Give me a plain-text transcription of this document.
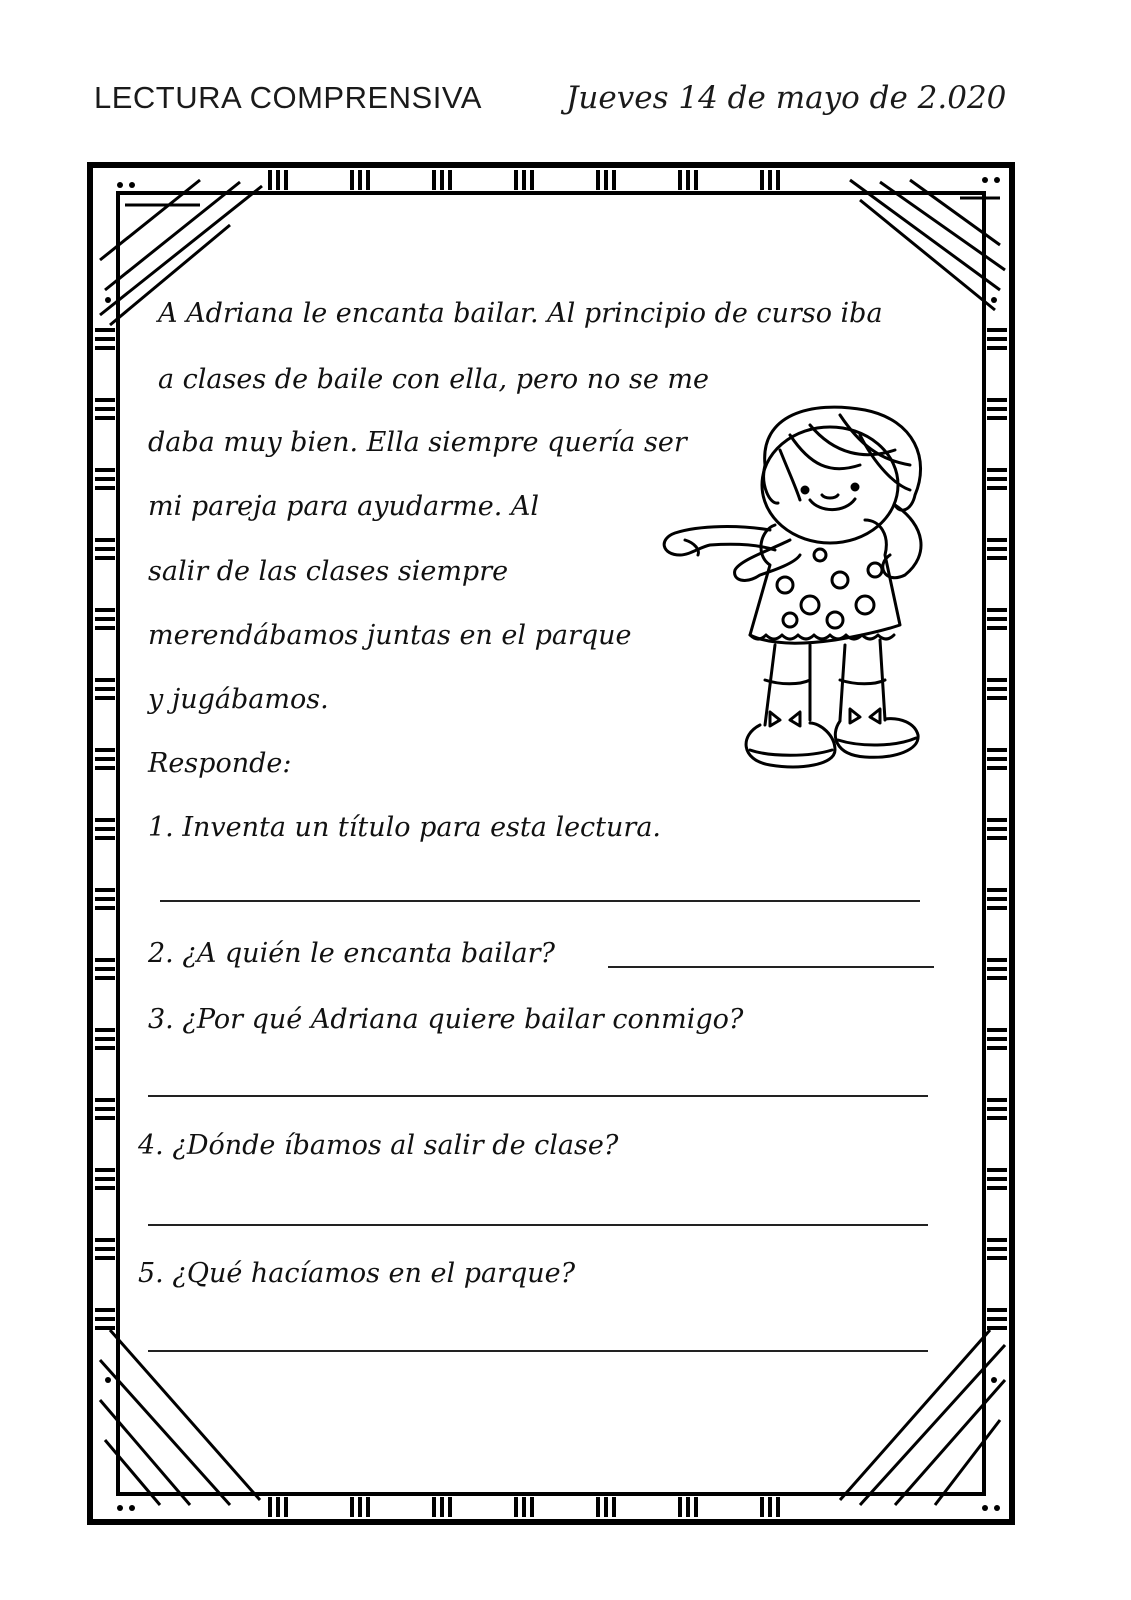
LECTURA COMPRENSIVA	Jueves 14 de mayo de 2.020
A Adriana le encanta bailar. Al principio de curso iba
a clases de baile con ella, pero no se me
daba muy bien. Ella siempre quería ser
mi pareja para ayudarme. Al
salir de las clases siempre
merendábamos juntas en el parque
y jugábamos.
Responde:
1. Inventa un título para esta lectura.
2. ¿A quién le encanta bailar?
3. ¿Por qué Adriana quiere bailar conmigo?
4. ¿Dónde íbamos al salir de clase?
5. ¿Qué hacíamos en el parque?
